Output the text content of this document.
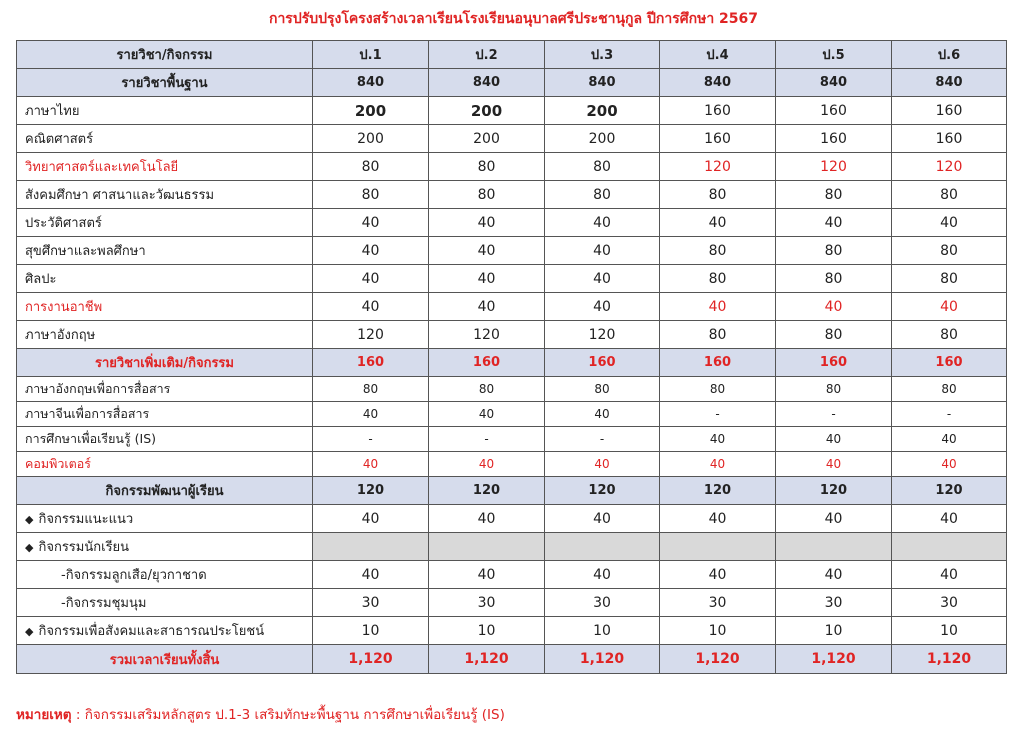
การปรับปรุงโครงสร้างเวลาเรียนโรงเรียนอนุบาลศรีประชานุกูล ปีการศึกษา 2567
รายวิชา/กิจกรรม	ป.1	ป.2	ป.3	ป.4	ป.5	ป.6
รายวิชาพื้นฐาน	840	840	840	840	840	840
ภาษาไทย	200	200	200	160	160	160
คณิตศาสตร์	200	200	200	160	160	160
วิทยาศาสตร์และเทคโนโลยี	80	80	80	120	120	120
สังคมศึกษา ศาสนาและวัฒนธรรม	80	80	80	80	80	80
ประวัติศาสตร์	40	40	40	40	40	40
สุขศึกษาและพลศึกษา	40	40	40	80	80	80
ศิลปะ	40	40	40	80	80	80
การงานอาชีพ	40	40	40	40	40	40
ภาษาอังกฤษ	120	120	120	80	80	80
รายวิชาเพิ่มเติม/กิจกรรม	160	160	160	160	160	160
ภาษาอังกฤษเพื่อการสื่อสาร	80	80	80	80	80	80
ภาษาจีนเพื่อการสื่อสาร	40	40	40	-	-	-
การศึกษาเพื่อเรียนรู้ (IS)	-	-	-	40	40	40
คอมพิวเตอร์	40	40	40	40	40	40
กิจกรรมพัฒนาผู้เรียน	120	120	120	120	120	120
◆ กิจกรรมแนะแนว	40	40	40	40	40	40
◆ กิจกรรมนักเรียน						
-กิจกรรมลูกเสือ/ยุวกาชาด	40	40	40	40	40	40
-กิจกรรมชุมนุม	30	30	30	30	30	30
◆ กิจกรรมเพื่อสังคมและสาธารณประโยชน์	10	10	10	10	10	10
รวมเวลาเรียนทั้งสิ้น	1,120	1,120	1,120	1,120	1,120	1,120
หมายเหตุ : กิจกรรมเสริมหลักสูตร ป.1-3 เสริมทักษะพื้นฐาน การศึกษาเพื่อเรียนรู้ (IS)
